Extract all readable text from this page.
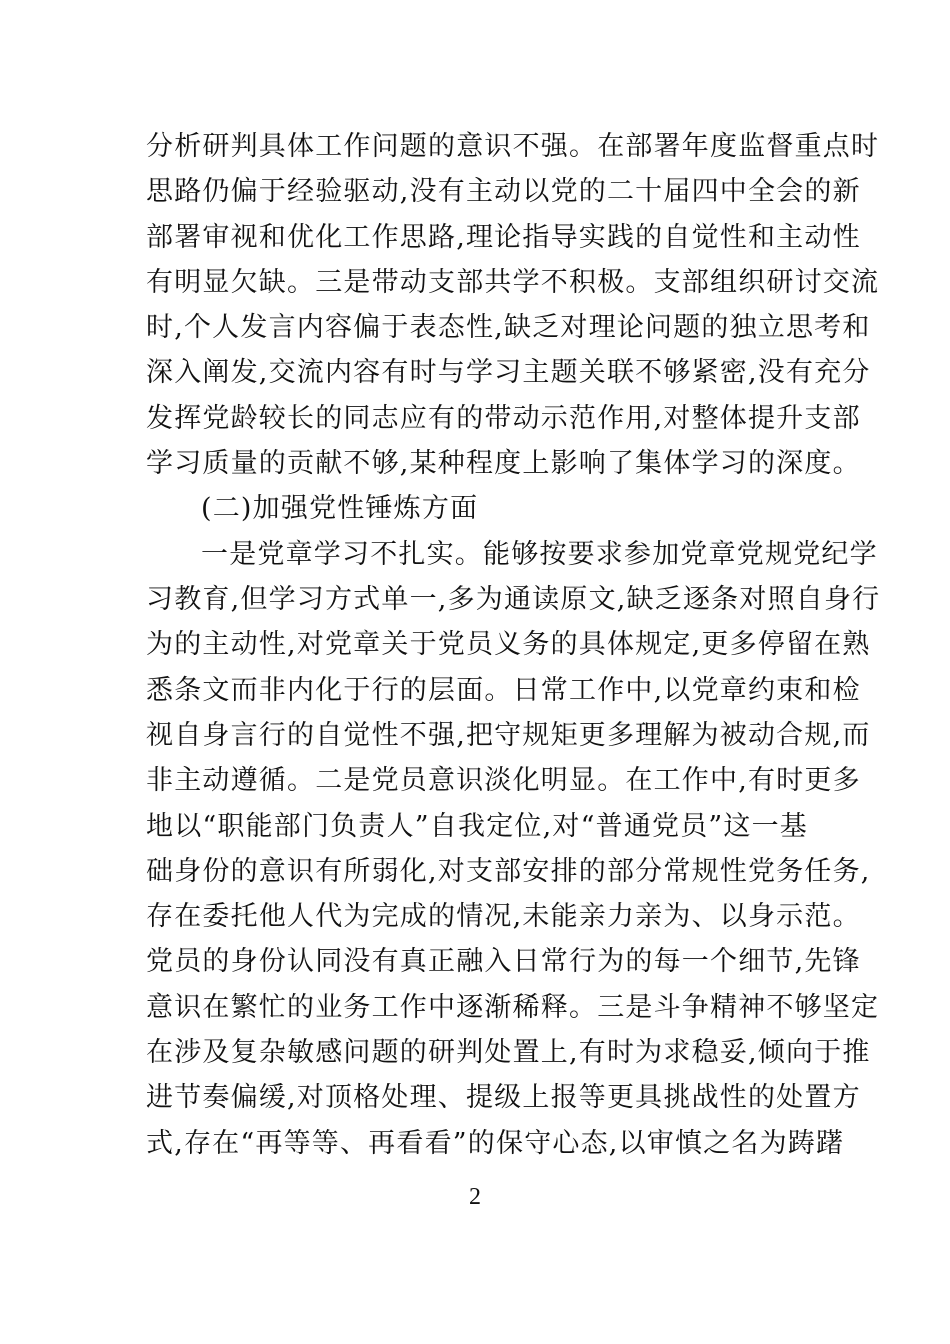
分析研判具体工作问题的意识不强。在部署年度监督重点时
思路仍偏于经验驱动,没有主动以党的二十届四中全会的新
部署审视和优化工作思路,理论指导实践的自觉性和主动性
有明显欠缺。三是带动支部共学不积极。支部组织研讨交流
时,个人发言内容偏于表态性,缺乏对理论问题的独立思考和
深入阐发,交流内容有时与学习主题关联不够紧密,没有充分
发挥党龄较长的同志应有的带动示范作用,对整体提升支部
学习质量的贡献不够,某种程度上影响了集体学习的深度。
(二)加强党性锤炼方面
一是党章学习不扎实。能够按要求参加党章党规党纪学
习教育,但学习方式单一,多为通读原文,缺乏逐条对照自身行
为的主动性,对党章关于党员义务的具体规定,更多停留在熟
悉条文而非内化于行的层面。日常工作中,以党章约束和检
视自身言行的自觉性不强,把守规矩更多理解为被动合规,而
非主动遵循。二是党员意识淡化明显。在工作中,有时更多
地以“职能部门负责人”自我定位,对“普通党员”这一基
础身份的意识有所弱化,对支部安排的部分常规性党务任务,
存在委托他人代为完成的情况,未能亲力亲为、以身示范。
党员的身份认同没有真正融入日常行为的每一个细节,先锋
意识在繁忙的业务工作中逐渐稀释。三是斗争精神不够坚定
在涉及复杂敏感问题的研判处置上,有时为求稳妥,倾向于推
进节奏偏缓,对顶格处理、提级上报等更具挑战性的处置方
式,存在“再等等、再看看”的保守心态,以审慎之名为踌躇
2
